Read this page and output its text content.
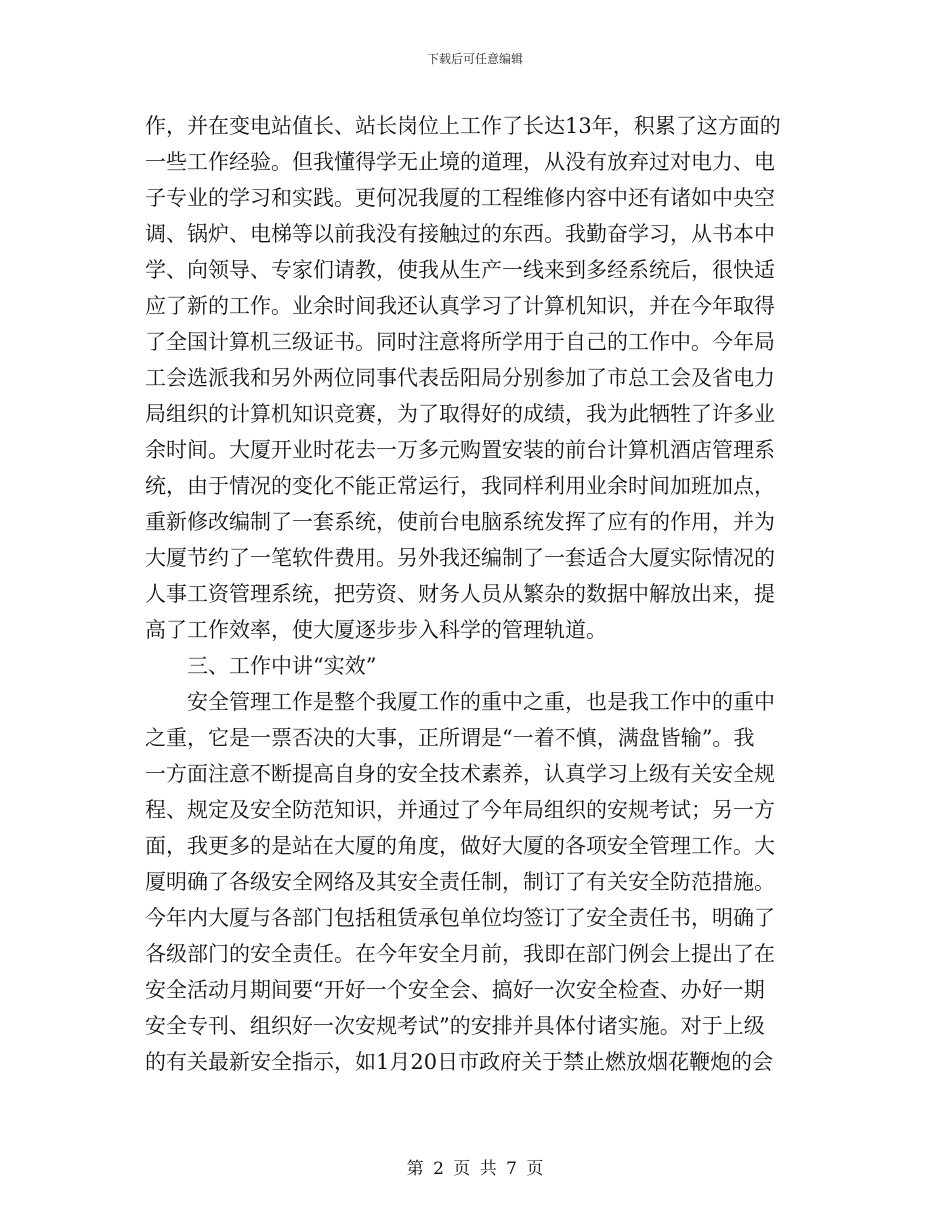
下载后可任意编辑
作，并在变电站值长、站长岗位上工作了长达13年，积累了这方面的
一些工作经验。但我懂得学无止境的道理，从没有放弃过对电力、电
子专业的学习和实践。更何况我厦的工程维修内容中还有诸如中央空
调、锅炉、电梯等以前我没有接触过的东西。我勤奋学习，从书本中
学、向领导、专家们请教，使我从生产一线来到多经系统后，很快适
应了新的工作。业余时间我还认真学习了计算机知识，并在今年取得
了全国计算机三级证书。同时注意将所学用于自己的工作中。今年局
工会选派我和另外两位同事代表岳阳局分别参加了市总工会及省电力
局组织的计算机知识竞赛，为了取得好的成绩，我为此牺牲了许多业
余时间。大厦开业时花去一万多元购置安装的前台计算机酒店管理系
统，由于情况的变化不能正常运行，我同样利用业余时间加班加点，
重新修改编制了一套系统，使前台电脑系统发挥了应有的作用，并为
大厦节约了一笔软件费用。另外我还编制了一套适合大厦实际情况的
人事工资管理系统，把劳资、财务人员从繁杂的数据中解放出来，提
高了工作效率，使大厦逐步步入科学的管理轨道。
三、工作中讲“实效”
安全管理工作是整个我厦工作的重中之重，也是我工作中的重中
之重，它是一票否决的大事，正所谓是“一着不慎，满盘皆输”。我
一方面注意不断提高自身的安全技术素养，认真学习上级有关安全规
程、规定及安全防范知识，并通过了今年局组织的安规考试；另一方
面，我更多的是站在大厦的角度，做好大厦的各项安全管理工作。大
厦明确了各级安全网络及其安全责任制，制订了有关安全防范措施。
今年内大厦与各部门包括租赁承包单位均签订了安全责任书，明确了
各级部门的安全责任。在今年安全月前，我即在部门例会上提出了在
安全活动月期间要“开好一个安全会、搞好一次安全检查、办好一期
安全专刊、组织好一次安规考试”的安排并具体付诸实施。对于上级
的有关最新安全指示，如1月20日市政府关于禁止燃放烟花鞭炮的会
第 2 页 共 7 页
